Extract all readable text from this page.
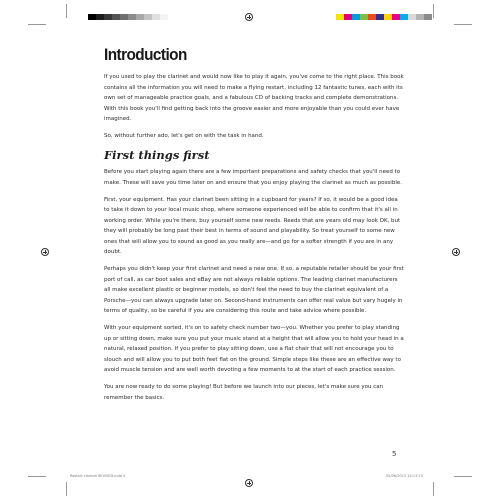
Introduction

If you used to play the clarinet and would now like to play it again, you've come to the right place. This book contains all the information you will need to make a flying restart, including 12 fantastic tunes, each with its own set of manageable practice goals, and a fabulous CD of backing tracks and complete demonstrations. With this book you'll find getting back into the groove easier and more enjoyable than you could ever have imagined.

So, without further ado, let's get on with the task in hand.

First things first

Before you start playing again there are a few important preparations and safety checks that you'll need to make. These will save you time later on and ensure that you enjoy playing the clarinet as much as possible.

First, your equipment. Has your clarinet been sitting in a cupboard for years? If so, it would be a good idea to take it down to your local music shop, where someone experienced will be able to confirm that it's all in working order. While you're there, buy yourself some new reeds. Reeds that are years old may look OK, but they will probably be long past their best in terms of sound and playability. So treat yourself to some new ones that will allow you to sound as good as you really are—and go for a softer strength if you are in any doubt.

Perhaps you didn't keep your first clarinet and need a new one. If so, a reputable retailer should be your first port of call, as car boot sales and eBay are not always reliable options. The leading clarinet manufacturers all make excellent plastic or beginner models, so don't feel the need to buy the clarinet equivalent of a Porsche—you can always upgrade later on. Second-hand instruments can offer real value but vary hugely in terms of quality, so be careful if you are considering this route and take advice where possible.

With your equipment sorted, it's on to safety check number two—you. Whether you prefer to play standing up or sitting down, make sure you put your music stand at a height that will allow you to hold your head in a natural, relaxed position. If you prefer to play sitting down, use a flat chair that will not encourage you to slouch and will allow you to put both feet flat on the ground. Simple steps like these are an effective way to avoid muscle tension and are well worth devoting a few moments to at the start of each practice session.

You are now ready to do some playing! But before we launch into our pieces, let's make sure you can remember the basics.

5
Restart clarinet REVISED.indd 5	05/06/2013 15:13:15
